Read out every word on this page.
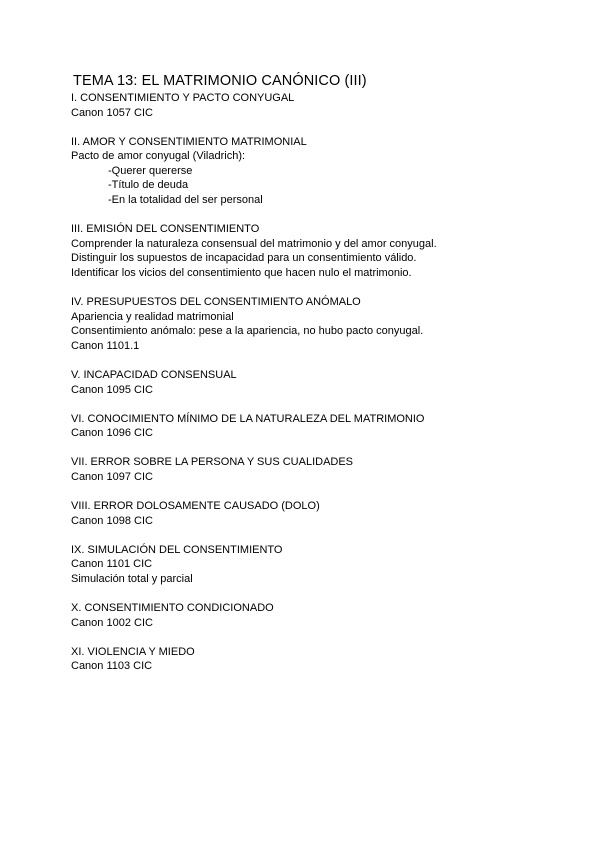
TEMA 13: EL MATRIMONIO CANÓNICO (III)
I. CONSENTIMIENTO Y PACTO CONYUGAL
Canon 1057 CIC
II. AMOR Y CONSENTIMIENTO MATRIMONIAL
Pacto de amor conyugal (Viladrich):
-Querer quererse
-Título de deuda
-En la totalidad del ser personal
III. EMISIÓN DEL CONSENTIMIENTO
Comprender la naturaleza consensual del matrimonio y del amor conyugal.
Distinguir los supuestos de incapacidad para un consentimiento válido.
Identificar los vicios del consentimiento que hacen nulo el matrimonio.
IV. PRESUPUESTOS DEL CONSENTIMIENTO ANÓMALO
Apariencia y realidad matrimonial
Consentimiento anómalo: pese a la apariencia, no hubo pacto conyugal.
Canon 1101.1
V. INCAPACIDAD CONSENSUAL
Canon 1095 CIC
VI. CONOCIMIENTO MÍNIMO DE LA NATURALEZA DEL MATRIMONIO
Canon 1096 CIC
VII. ERROR SOBRE LA PERSONA Y SUS CUALIDADES
Canon 1097 CIC
VIII. ERROR DOLOSAMENTE CAUSADO (DOLO)
Canon 1098 CIC
IX. SIMULACIÓN DEL CONSENTIMIENTO
Canon 1101 CIC
Simulación total y parcial
X. CONSENTIMIENTO CONDICIONADO
Canon 1002 CIC
XI. VIOLENCIA Y MIEDO
Canon 1103 CIC
